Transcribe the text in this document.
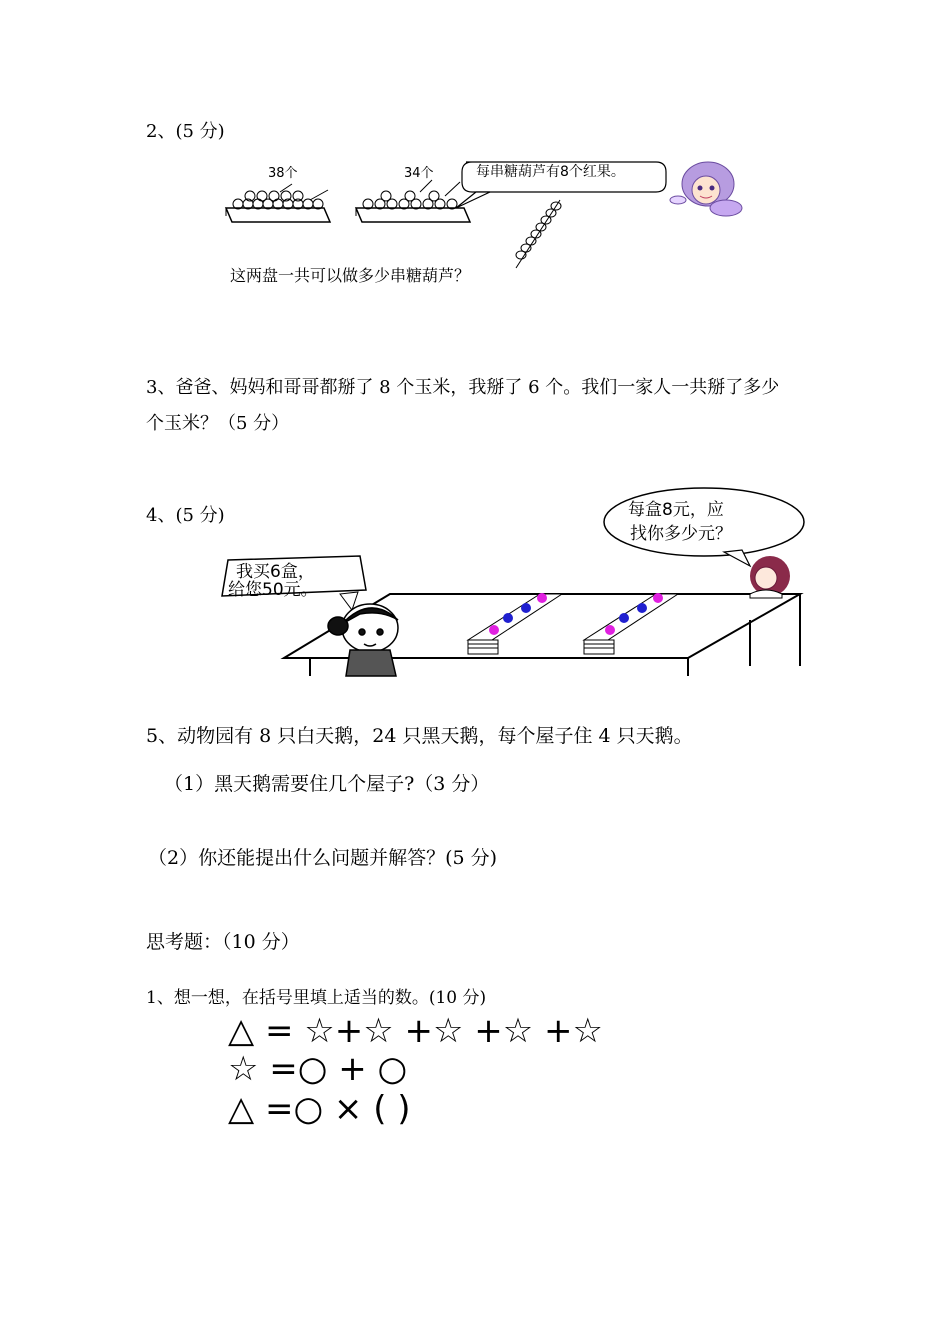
2、(5 分)
38个	34个	每串糖葫芦有8个红果。
这两盘一共可以做多少串糖葫芦？
3、爸爸、妈妈和哥哥都掰了 8 个玉米，我掰了 6 个。我们一家人一共掰了多少
个玉米？（5 分）
4、(5 分)	每盒8元，应
找你多少元？
我买6盒，
给您50元。
5、动物园有 8 只白天鹅，24 只黑天鹅，每个屋子住 4 只天鹅。
（1）黑天鹅需要住几个屋子?（3 分）
（2）你还能提出什么问题并解答？(5 分)
思考题：（10 分）
1、想一想，在括号里填上适当的数。(10 分)
△ = ☆+☆ +☆ +☆ +☆
☆ =○ + ○
△ =○ × ( )
